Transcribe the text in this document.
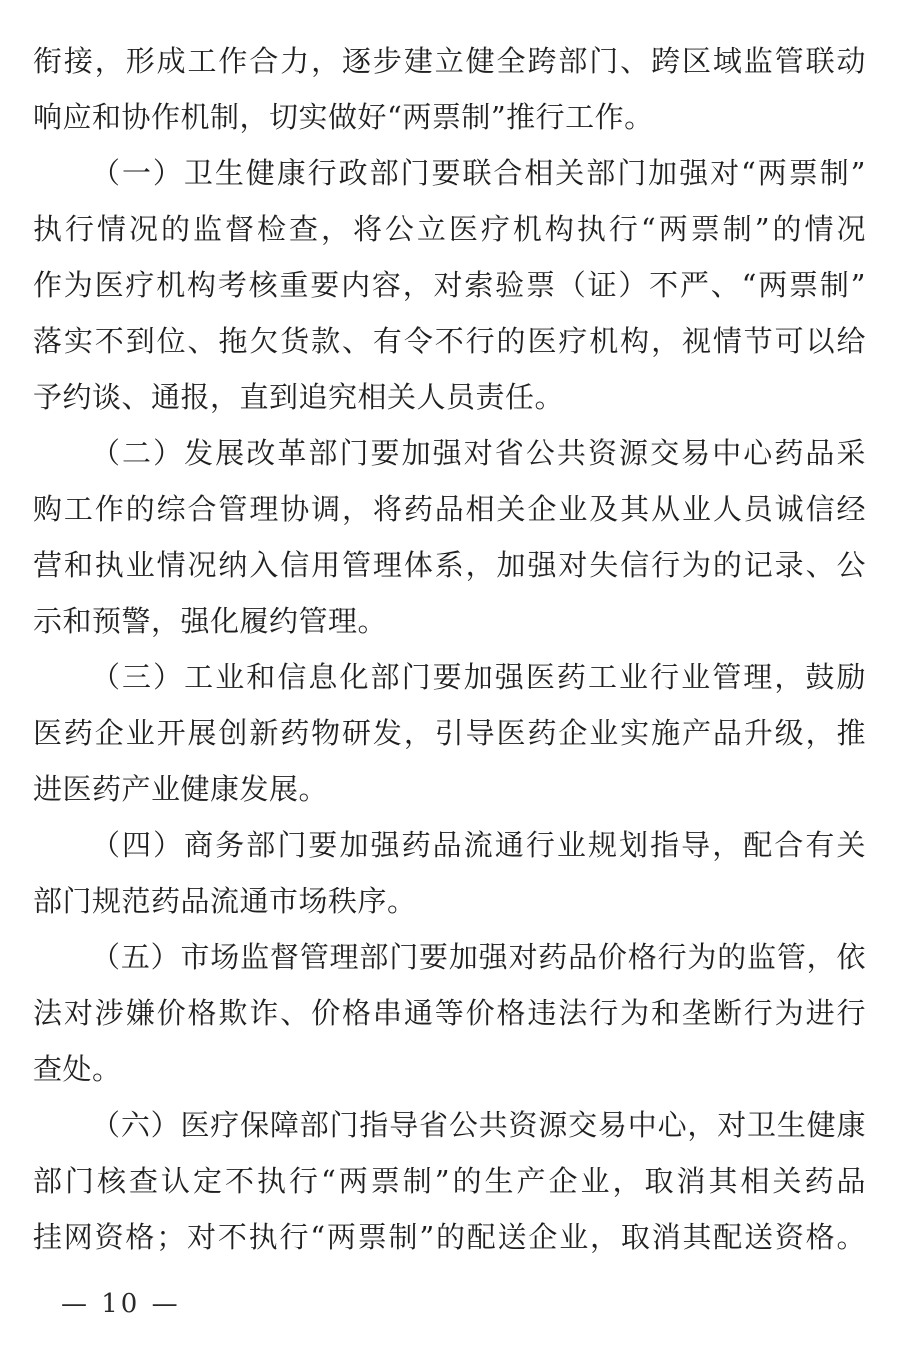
衔接，形成工作合力，逐步建立健全跨部门、跨区域监管联动
响应和协作机制，切实做好“两票制”推行工作。
（一）卫生健康行政部门要联合相关部门加强对“两票制”
执行情况的监督检查，将公立医疗机构执行“两票制”的情况
作为医疗机构考核重要内容，对索验票（证）不严、“两票制”
落实不到位、拖欠货款、有令不行的医疗机构，视情节可以给
予约谈、通报，直到追究相关人员责任。
（二）发展改革部门要加强对省公共资源交易中心药品采
购工作的综合管理协调，将药品相关企业及其从业人员诚信经
营和执业情况纳入信用管理体系，加强对失信行为的记录、公
示和预警，强化履约管理。
（三）工业和信息化部门要加强医药工业行业管理，鼓励
医药企业开展创新药物研发，引导医药企业实施产品升级，推
进医药产业健康发展。
（四）商务部门要加强药品流通行业规划指导，配合有关
部门规范药品流通市场秩序。
（五）市场监督管理部门要加强对药品价格行为的监管，依
法对涉嫌价格欺诈、价格串通等价格违法行为和垄断行为进行
查处。
（六）医疗保障部门指导省公共资源交易中心，对卫生健康
部门核查认定不执行“两票制”的生产企业，取消其相关药品
挂网资格；对不执行“两票制”的配送企业，取消其配送资格。
— 10 —
